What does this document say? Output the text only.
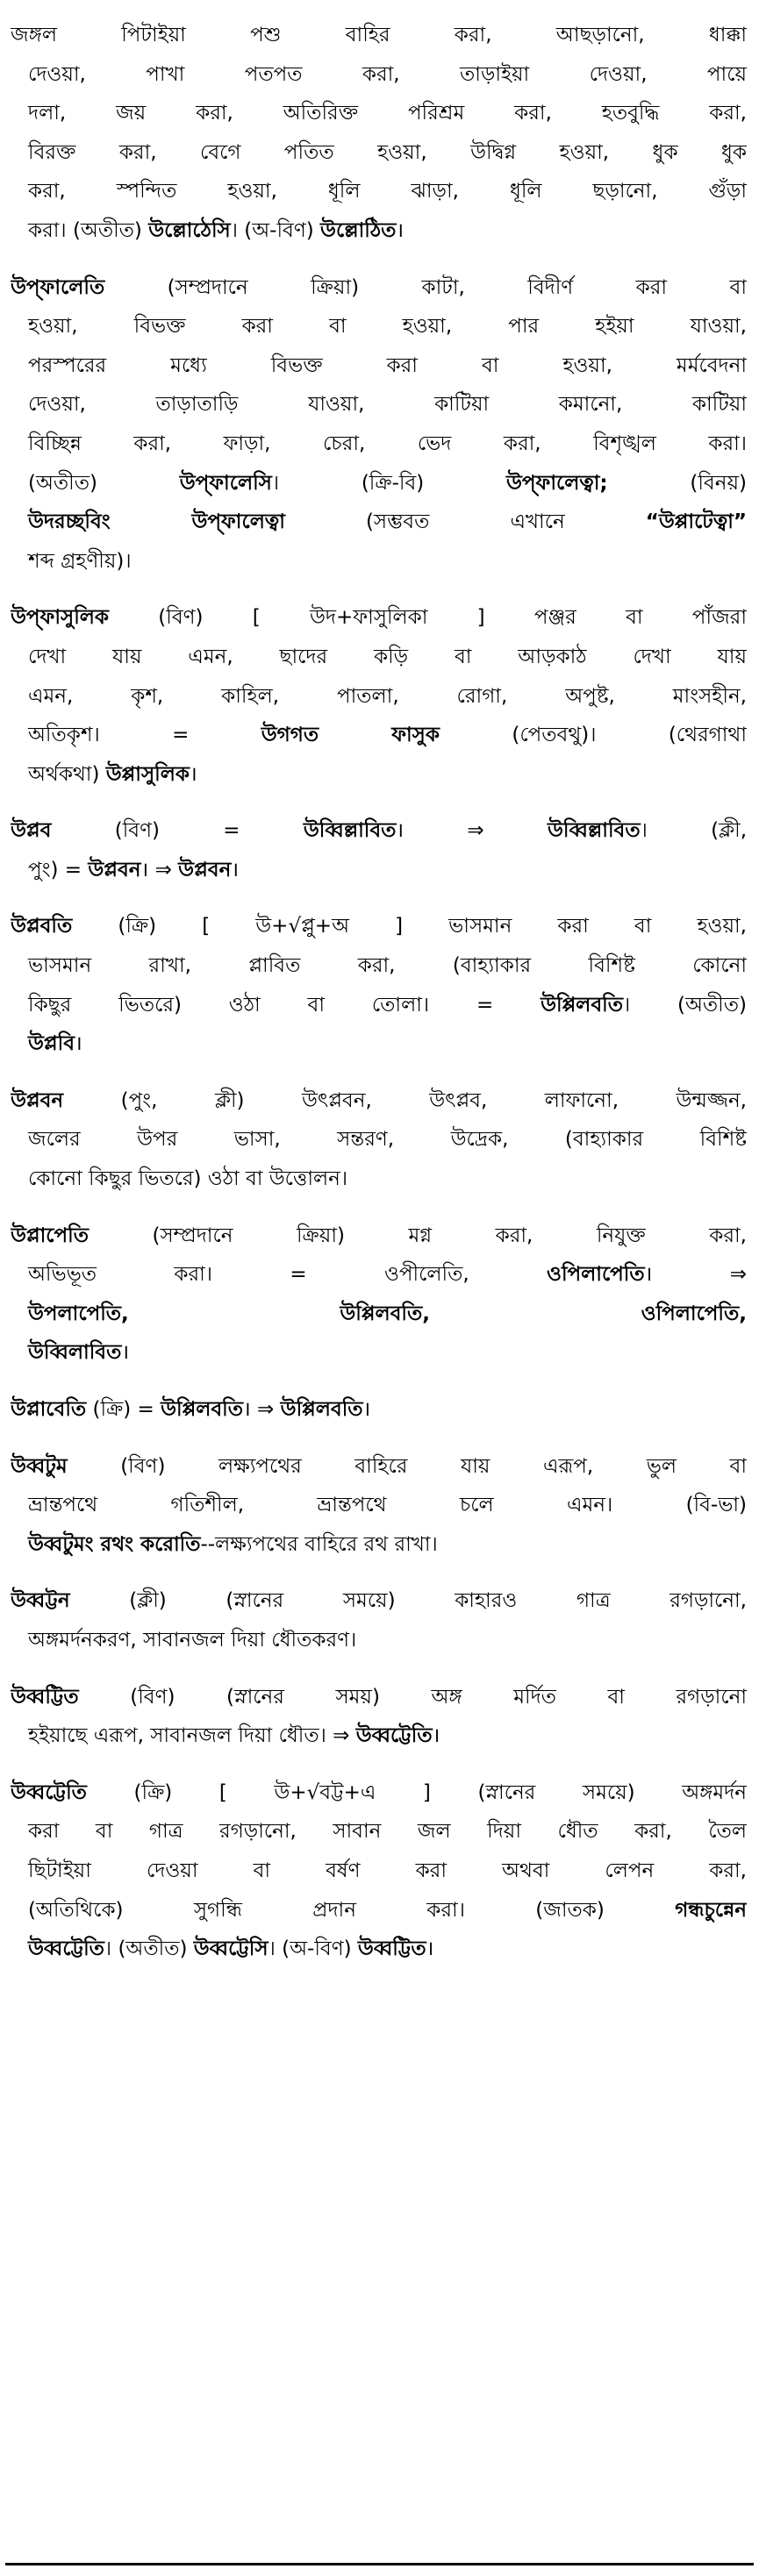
জঙ্গল পিটাইয়া পশু বাহির করা, আছড়ানো, ধাক্কা
দেওয়া, পাখা পতপত করা, তাড়াইয়া দেওয়া, পায়ে
দলা, জয় করা, অতিরিক্ত পরিশ্রম করা, হতবুদ্ধি করা,
বিরক্ত করা, বেগে পতিত হওয়া, উদ্বিগ্ন হওয়া, ধুক ধুক
করা, স্পন্দিত হওয়া, ধূলি ঝাড়া, ধূলি ছড়ানো, গুঁড়া
করা। (অতীত) উল্লোঠেসি। (অ-বিণ) উল্লোঠিত।
উপ্ফালেতি (সম্প্রদানে ক্রিয়া) কাটা, বিদীর্ণ করা বা
হওয়া, বিভক্ত করা বা হওয়া, পার হইয়া যাওয়া,
পরস্পরের মধ্যে বিভক্ত করা বা হওয়া, মর্মবেদনা
দেওয়া, তাড়াতাড়ি যাওয়া, কাটিয়া কমানো, কাটিয়া
বিচ্ছিন্ন করা, ফাড়া, চেরা, ভেদ করা, বিশৃঙ্খল করা।
(অতীত) উপ্ফালেসি। (ক্রি-বি) উপ্ফালেত্বা; (বিনয়)
উদরচ্ছবিং উপ্ফালেত্বা (সম্ভবত এখানে “উপ্পাটেত্বা”
শব্দ গ্রহণীয়)।
উপ্ফাসুলিক (বিণ) [ উদ+ফাসুলিকা ] পঞ্জর বা পাঁজরা
দেখা যায় এমন, ছাদের কড়ি বা আড়কাঠ দেখা যায়
এমন, কৃশ, কাহিল, পাতলা, রোগা, অপুষ্ট, মাংসহীন,
অতিকৃশ। = উগগত ফাসুক (পেতবথু)। (থেরগাথা
অর্থকথা) উপ্পাসুলিক।
উপ্লব (বিণ) = উব্বিল্লাবিত। ⇒ উব্বিল্লাবিত। (ক্লী,
পুং) = উপ্লবন। ⇒ উপ্লবন।
উপ্লবতি (ক্রি) [ উ+√প্লু+অ ] ভাসমান করা বা হওয়া,
ভাসমান রাখা, প্লাবিত করা, (বাহ্যাকার বিশিষ্ট কোনো
কিছুর ভিতরে) ওঠা বা তোলা। = উপ্পিলবতি। (অতীত)
উপ্লবি।
উপ্লবন (পুং, ক্লী) উৎপ্লবন, উৎপ্লব, লাফানো, উন্মজ্জন,
জলের উপর ভাসা, সন্তরণ, উদ্রেক, (বাহ্যাকার বিশিষ্ট
কোনো কিছুর ভিতরে) ওঠা বা উত্তোলন।
উপ্লাপেতি (সম্প্রদানে ক্রিয়া) মগ্ন করা, নিযুক্ত করা,
অভিভূত করা। = ওপীলেতি, ওপিলাপেতি। ⇒
উপলাপেতি,	উপ্পিলবতি,	ওপিলাপেতি,
উব্বিলাবিত।
উপ্লাবেতি (ক্রি) = উপ্পিলবতি। ⇒ উপ্পিলবতি।
উব্বটুম (বিণ) লক্ষ্যপথের বাহিরে যায় এরূপ, ভুল বা
ভ্রান্তপথে গতিশীল, ভ্রান্তপথে চলে এমন। (বি-ভা)
উব্বটুমং রথং করোতি--লক্ষ্যপথের বাহিরে রথ রাখা।
উব্বট্টন (ক্লী) (স্নানের সময়ে) কাহারও গাত্র রগড়ানো,
অঙ্গমর্দনকরণ, সাবানজল দিয়া ধৌতকরণ।
উব্বট্টিত (বিণ) (স্নানের সময়) অঙ্গ মর্দিত বা রগড়ানো
হইয়াছে এরূপ, সাবানজল দিয়া ধৌত। ⇒ উব্বট্টেতি।
উব্বট্টেতি (ক্রি) [ উ+√বট্ট+এ ] (স্নানের সময়ে) অঙ্গমর্দন
করা বা গাত্র রগড়ানো, সাবান জল দিয়া ধৌত করা, তৈল
ছিটাইয়া দেওয়া বা বর্ষণ করা অথবা লেপন করা,
(অতিথিকে) সুগন্ধি প্রদান করা। (জাতক) গন্ধচুন্নেন
উব্বট্টেতি। (অতীত) উব্বট্টেসি। (অ-বিণ) উব্বট্টিত।
